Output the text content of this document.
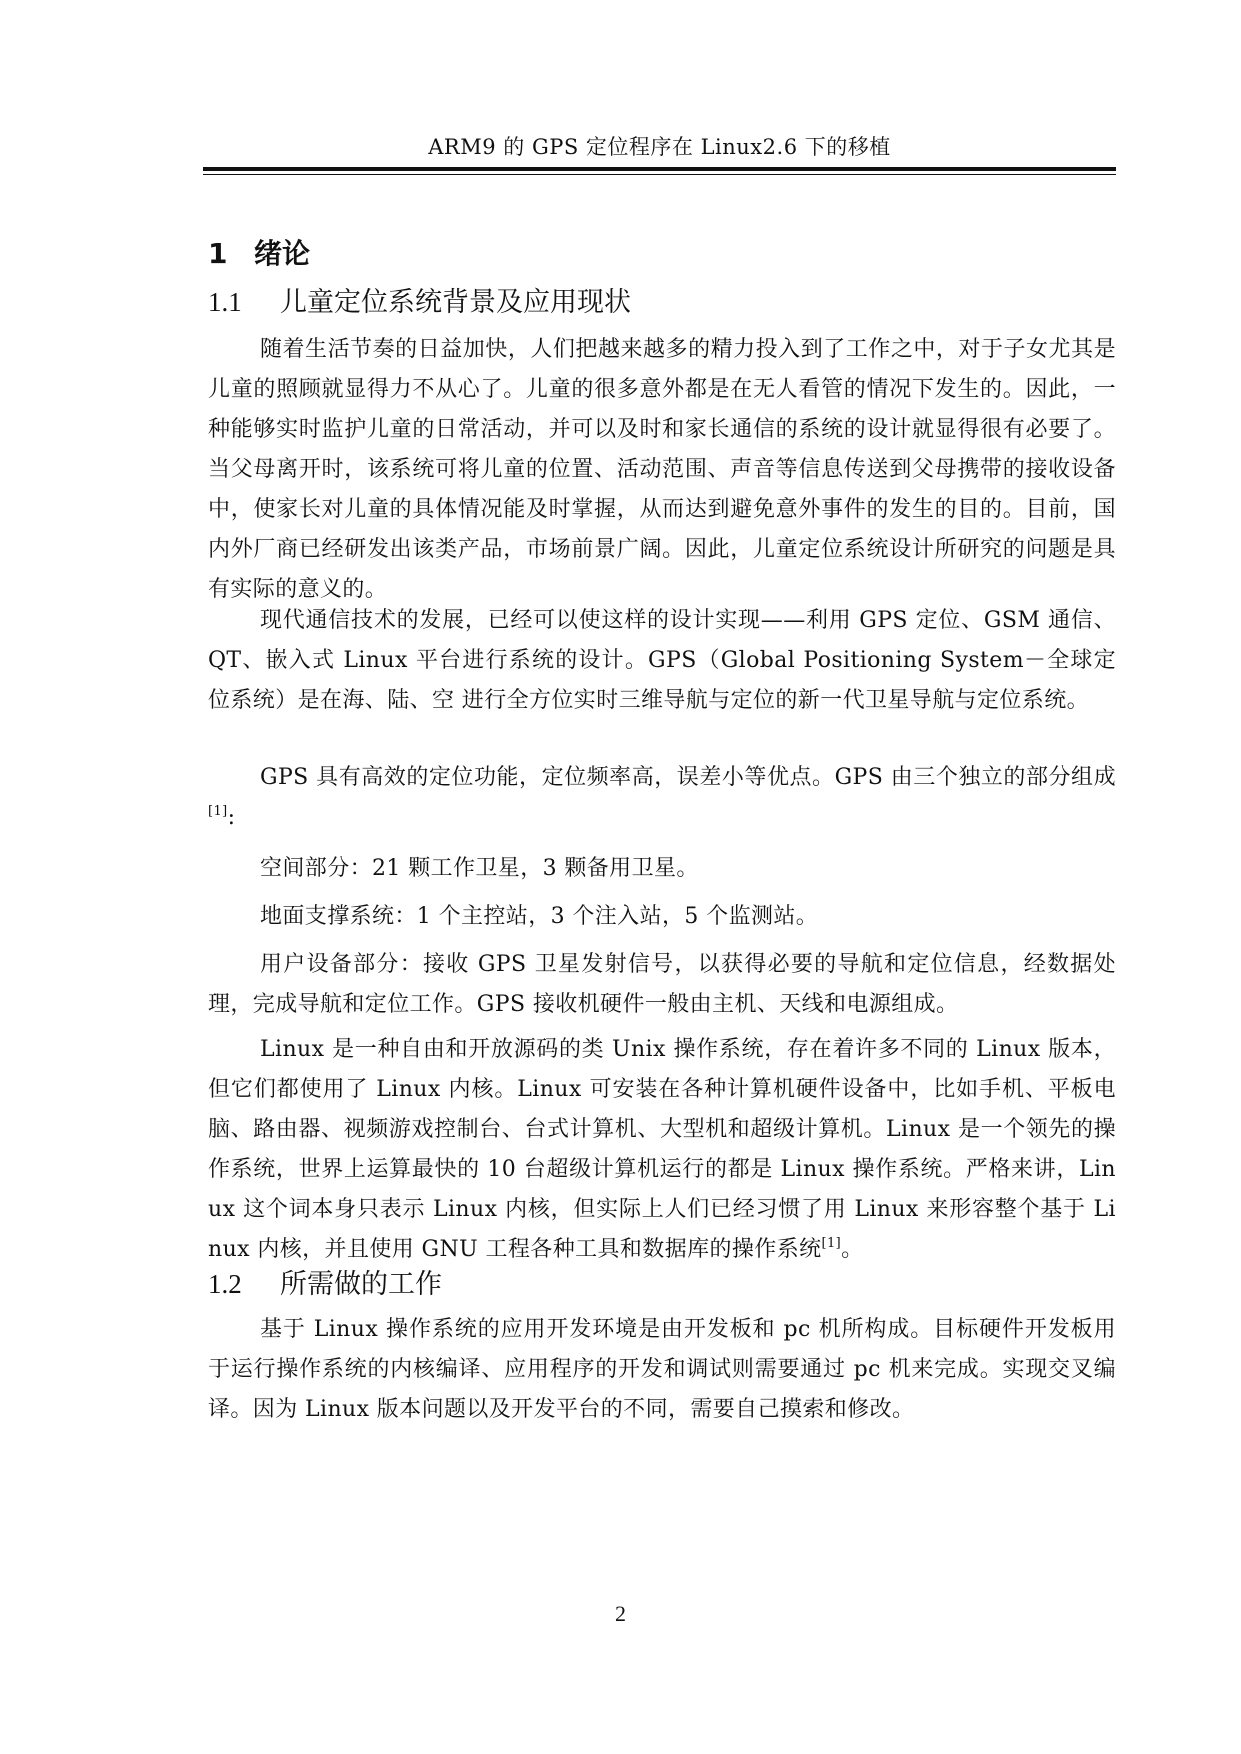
ARM9 的 GPS 定位程序在 Linux2.6 下的移植
1 绪论
1.1 儿童定位系统背景及应用现状

随着生活节奏的日益加快，人们把越来越多的精力投入到了工作之中，对于子女尤其是儿童的照顾就显得力不从心了。儿童的很多意外都是在无人看管的情况下发生的。因此，一种能够实时监护儿童的日常活动，并可以及时和家长通信的系统的设计就显得很有必要了。当父母离开时，该系统可将儿童的位置、活动范围、声音等信息传送到父母携带的接收设备中，使家长对儿童的具体情况能及时掌握，从而达到避免意外事件的发生的目的。目前，国内外厂商已经研发出该类产品，市场前景广阔。因此，儿童定位系统设计所研究的问题是具有实际的意义的。

现代通信技术的发展，已经可以使这样的设计实现——利用 GPS 定位、GSM 通信、QT、嵌入式 Linux 平台进行系统的设计。GPS（Global Positioning System－全球定位系统）是在海、陆、空 进行全方位实时三维导航与定位的新一代卫星导航与定位系统。

GPS 具有高效的定位功能，定位频率高，误差小等优点。GPS 由三个独立的部分组成[1]:

空间部分：21 颗工作卫星，3 颗备用卫星。

地面支撑系统：1 个主控站，3 个注入站，5 个监测站。

用户设备部分：接收 GPS 卫星发射信号，以获得必要的导航和定位信息，经数据处理，完成导航和定位工作。GPS 接收机硬件一般由主机、天线和电源组成。

Linux 是一种自由和开放源码的类 Unix 操作系统，存在着许多不同的 Linux 版本，但它们都使用了 Linux 内核。Linux 可安装在各种计算机硬件设备中，比如手机、平板电脑、路由器、视频游戏控制台、台式计算机、大型机和超级计算机。Linux 是一个领先的操作系统，世界上运算最快的 10 台超级计算机运行的都是 Linux 操作系统。严格来讲，Linux 这个词本身只表示 Linux 内核，但实际上人们已经习惯了用 Linux 来形容整个基于 Linux 内核，并且使用 GNU 工程各种工具和数据库的操作系统[1]。

1.2 所需做的工作

基于 Linux 操作系统的应用开发环境是由开发板和 pc 机所构成。目标硬件开发板用于运行操作系统的内核编译、应用程序的开发和调试则需要通过 pc 机来完成。实现交叉编译。因为 Linux 版本问题以及开发平台的不同，需要自己摸索和修改。

2
